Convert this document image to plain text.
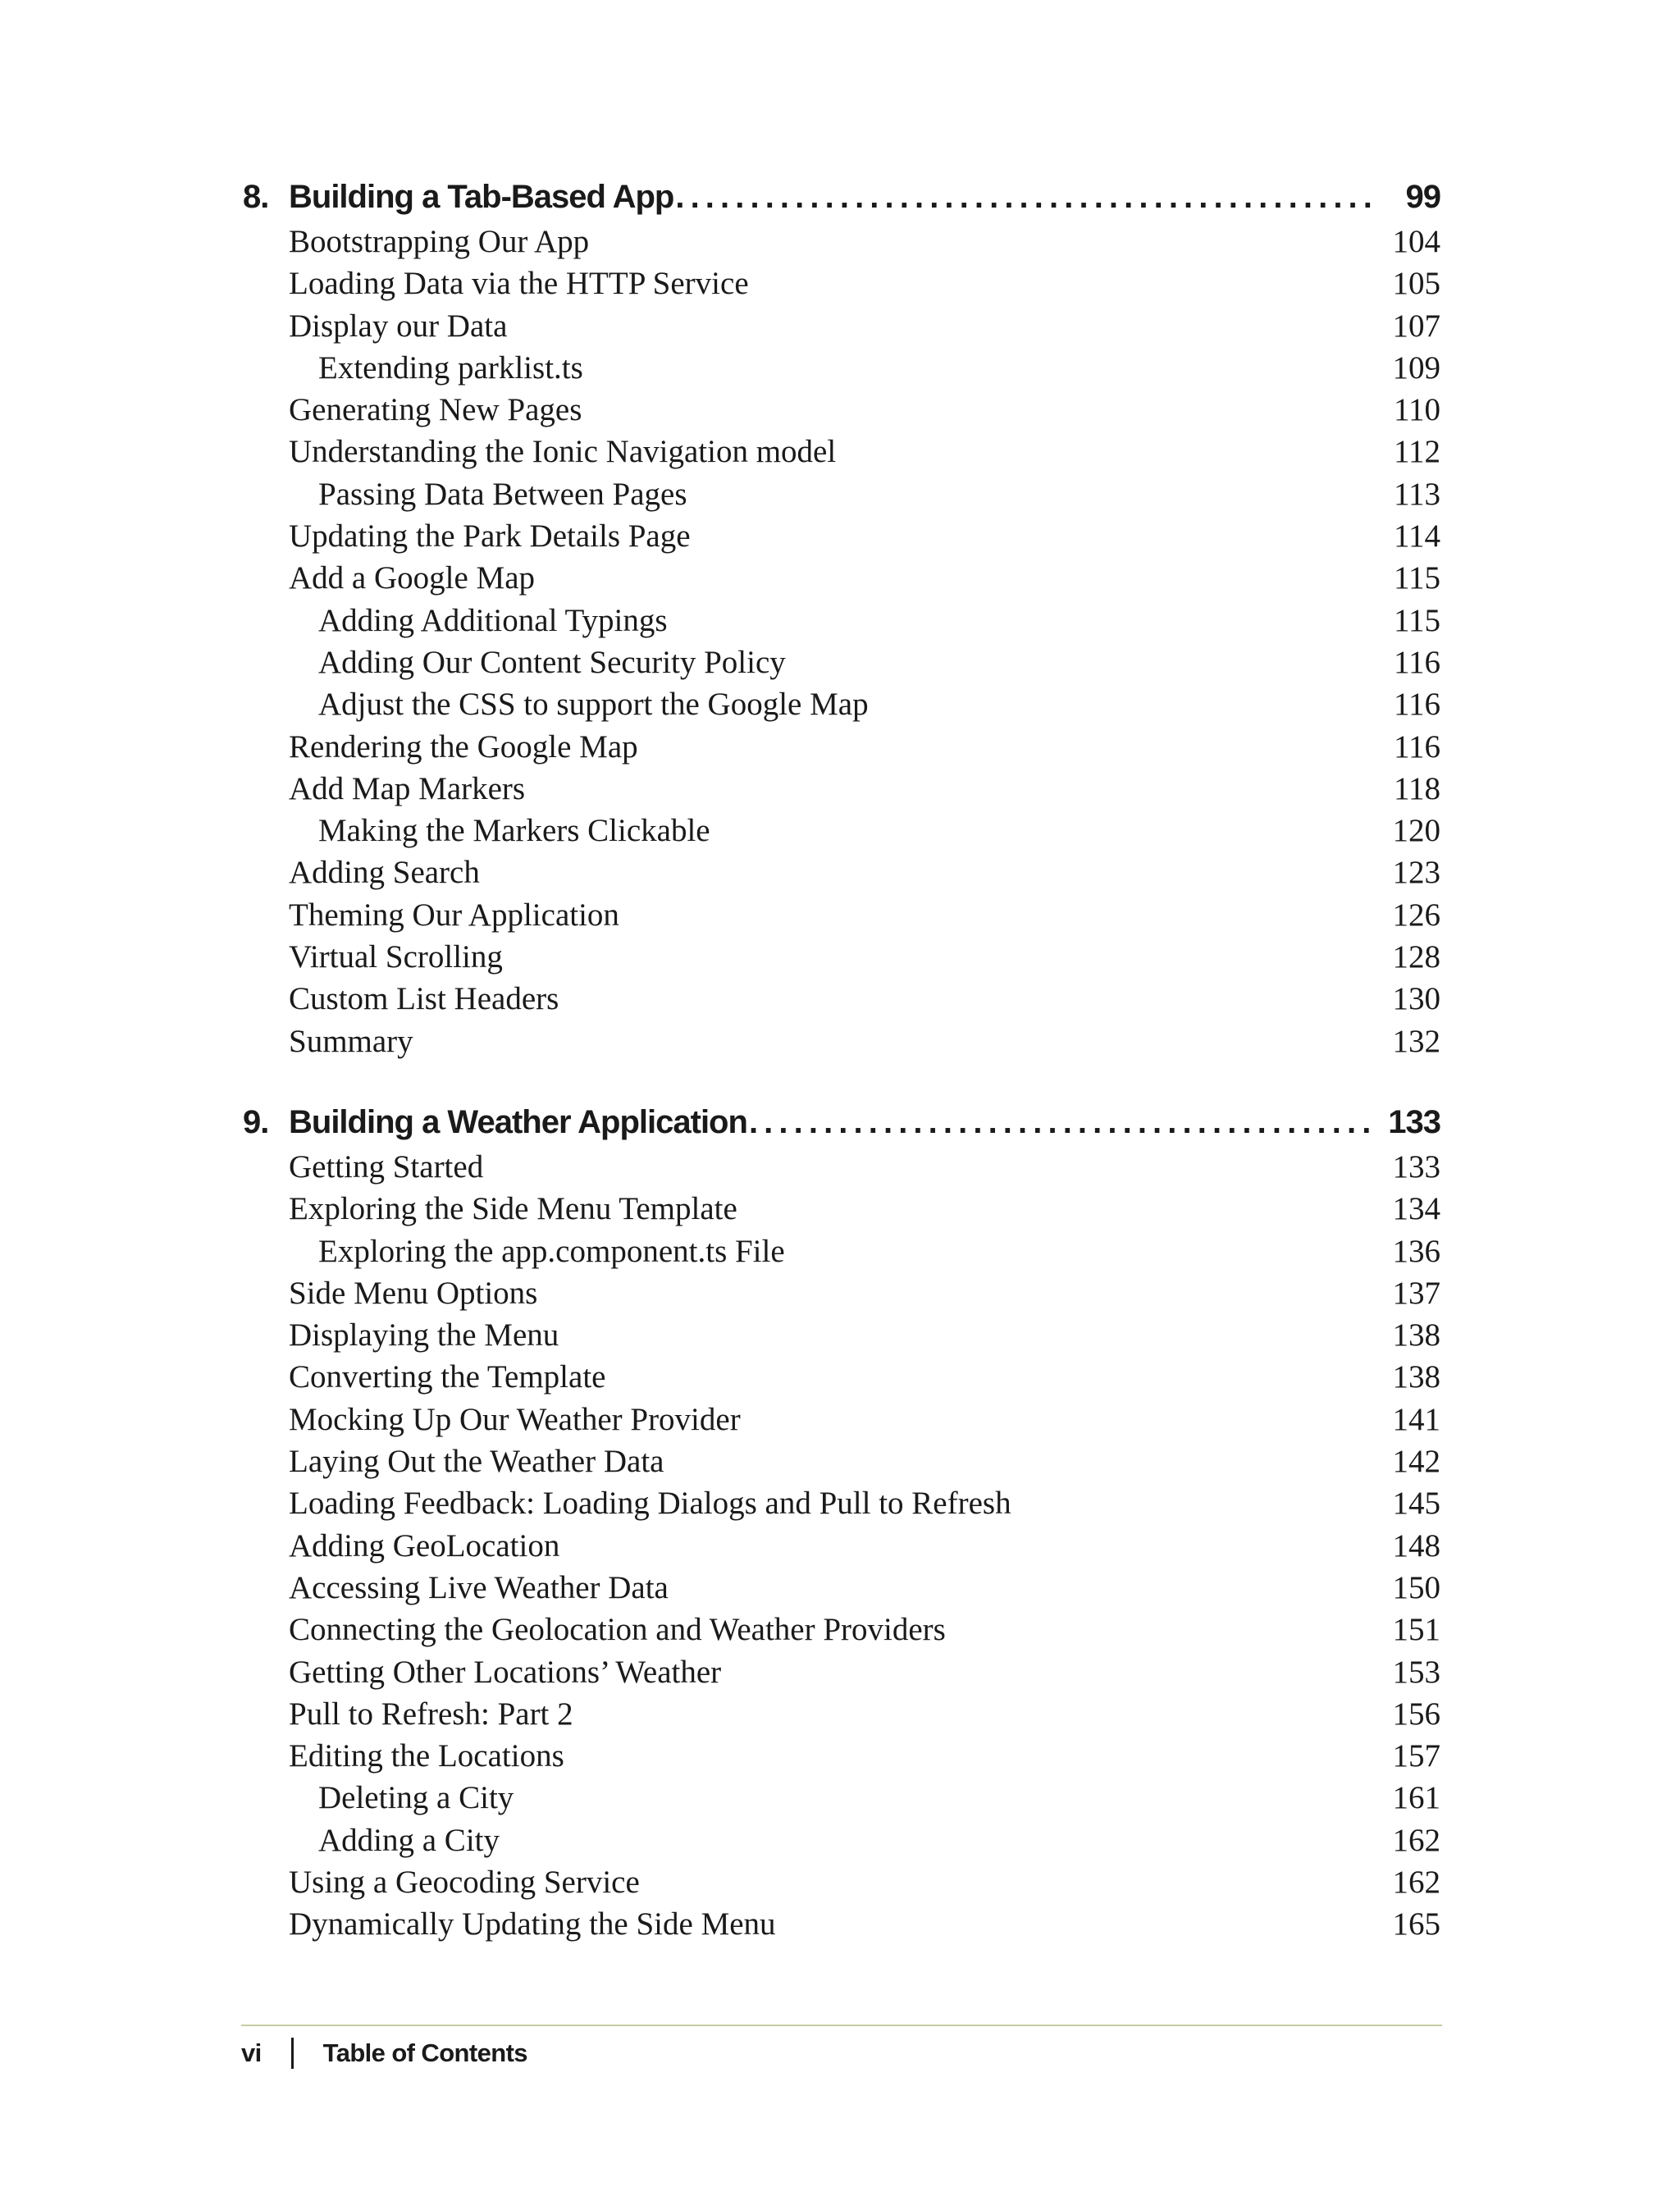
8. Building a Tab-Based App . . .	99
Bootstrapping Our App	104
Loading Data via the HTTP Service	105
Display our Data	107
Extending parklist.ts	109
Generating New Pages	110
Understanding the Ionic Navigation model	112
Passing Data Between Pages	113
Updating the Park Details Page	114
Add a Google Map	115
Adding Additional Typings	115
Adding Our Content Security Policy	116
Adjust the CSS to support the Google Map	116
Rendering the Google Map	116
Add Map Markers	118
Making the Markers Clickable	120
Adding Search	123
Theming Our Application	126
Virtual Scrolling	128
Custom List Headers	130
Summary	132
9. Building a Weather Application . . .	133
Getting Started	133
Exploring the Side Menu Template	134
Exploring the app.component.ts File	136
Side Menu Options	137
Displaying the Menu	138
Converting the Template	138
Mocking Up Our Weather Provider	141
Laying Out the Weather Data	142
Loading Feedback: Loading Dialogs and Pull to Refresh	145
Adding GeoLocation	148
Accessing Live Weather Data	150
Connecting the Geolocation and Weather Providers	151
Getting Other Locations’ Weather	153
Pull to Refresh: Part 2	156
Editing the Locations	157
Deleting a City	161
Adding a City	162
Using a Geocoding Service	162
Dynamically Updating the Side Menu	165
vi Table of Contents
